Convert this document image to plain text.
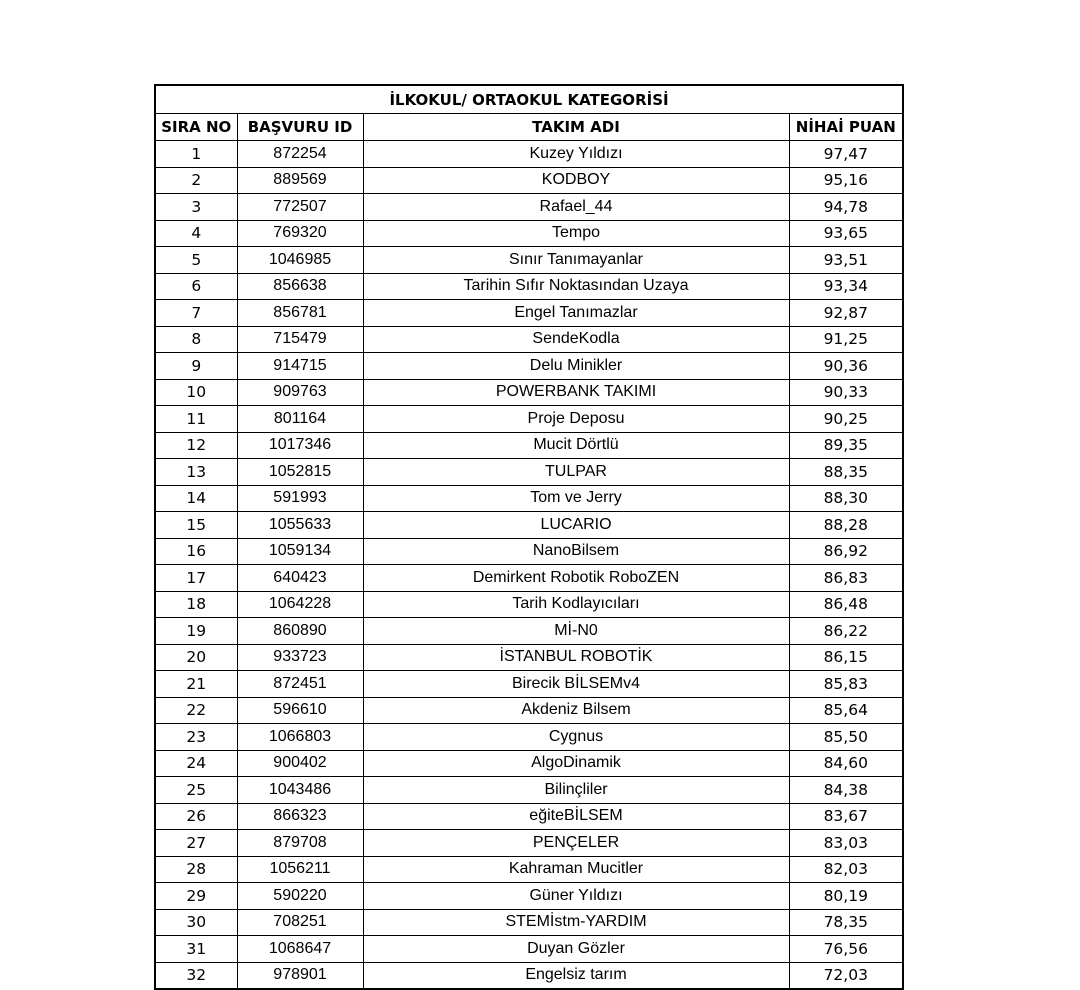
İLKOKUL/ ORTAOKUL KATEGORİSİ			
SIRA NO	BAŞVURU ID	TAKIM ADI	NİHAİ PUAN
1	872254	Kuzey Yıldızı	97,47
2	889569	KODBOY	95,16
3	772507	Rafael_44	94,78
4	769320	Tempo	93,65
5	1046985	Sınır Tanımayanlar	93,51
6	856638	Tarihin Sıfır Noktasından Uzaya	93,34
7	856781	Engel Tanımazlar	92,87
8	715479	SendeKodla	91,25
9	914715	Delu Minikler	90,36
10	909763	POWERBANK TAKIMI	90,33
11	801164	Proje Deposu	90,25
12	1017346	Mucit Dörtlü	89,35
13	1052815	TULPAR	88,35
14	591993	Tom ve Jerry	88,30
15	1055633	LUCARIO	88,28
16	1059134	NanoBilsem	86,92
17	640423	Demirkent Robotik RoboZEN	86,83
18	1064228	Tarih Kodlayıcıları	86,48
19	860890	Mİ-N0	86,22
20	933723	İSTANBUL ROBOTİK	86,15
21	872451	Birecik BİLSEMv4	85,83
22	596610	Akdeniz Bilsem	85,64
23	1066803	Cygnus	85,50
24	900402	AlgoDinamik	84,60
25	1043486	Bilinçliler	84,38
26	866323	eğiteBİLSEM	83,67
27	879708	PENÇELER	83,03
28	1056211	Kahraman Mucitler	82,03
29	590220	Güner Yıldızı	80,19
30	708251	STEMİstm-YARDIM	78,35
31	1068647	Duyan Gözler	76,56
32	978901	Engelsiz tarım	72,03
